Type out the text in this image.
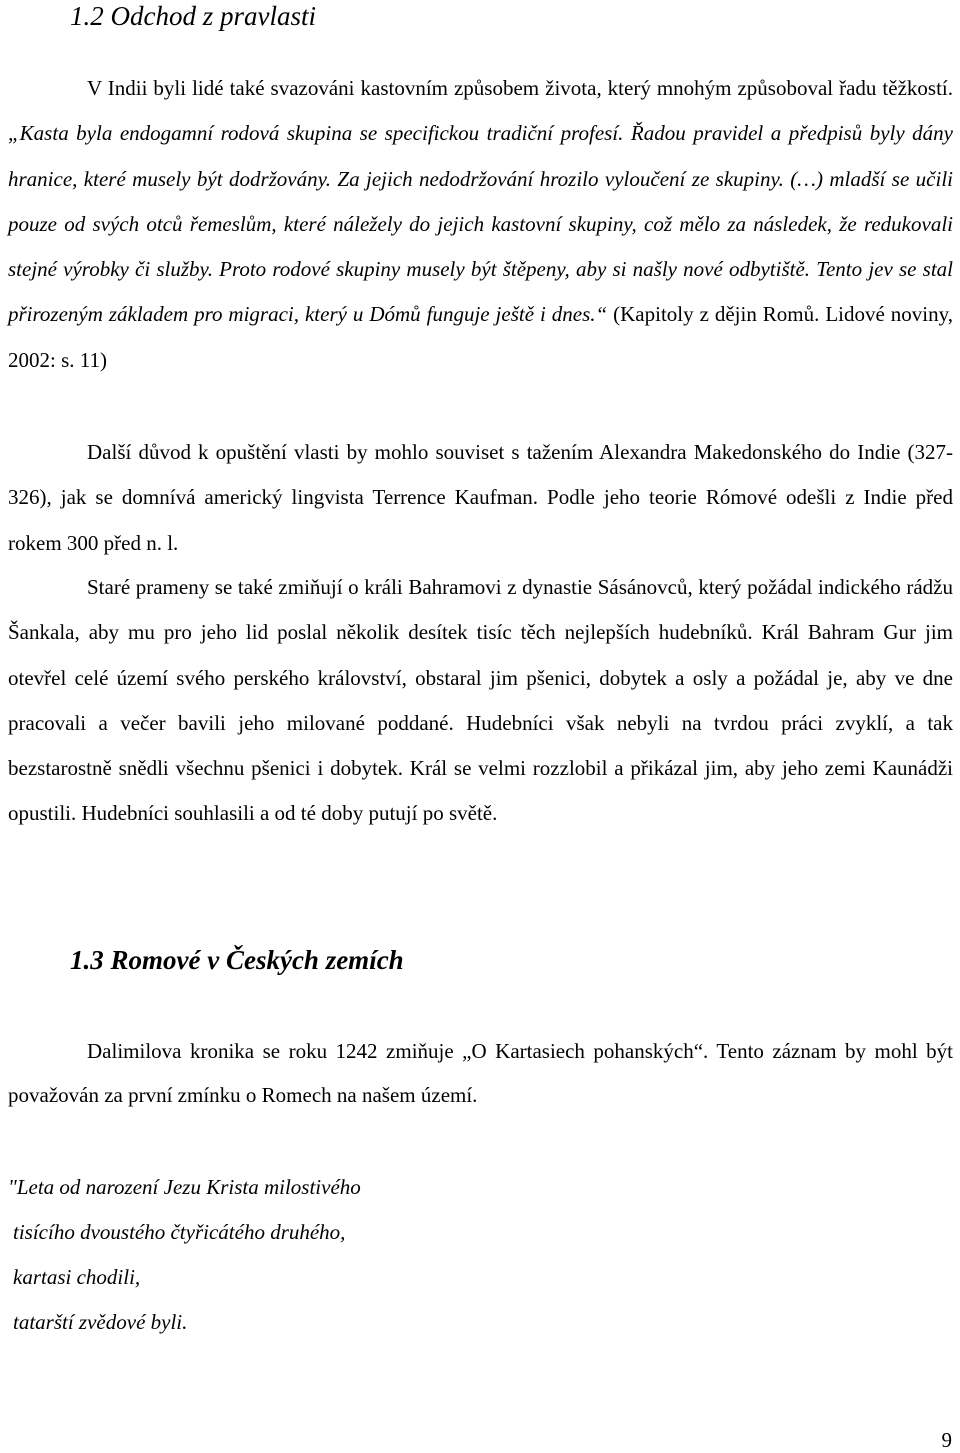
1.2 Odchod z pravlasti

V Indii byli lidé také svazováni kastovním způsobem života, který mnohým způsoboval řadu těžkostí. „Kasta byla endogamní rodová skupina se specifickou tradiční profesí. Řadou pravidel a předpisů byly dány hranice, které musely být dodržovány. Za jejich nedodržování hrozilo vyloučení ze skupiny. (…) mladší se učili pouze od svých otců řemeslům, které náležely do jejich kastovní skupiny, což mělo za následek, že redukovali stejné výrobky či služby. Proto rodové skupiny musely být štěpeny, aby si našly nové odbytiště. Tento jev se stal přirozeným základem pro migraci, který u Dómů funguje ještě i dnes.“ (Kapitoly z dějin Romů. Lidové noviny, 2002: s. 11)

Další důvod k opuštění vlasti by mohlo souviset s tažením Alexandra Makedonského do Indie (327-326), jak se domnívá americký lingvista Terrence Kaufman. Podle jeho teorie Rómové odešli z Indie před rokem 300 před n. l.

Staré prameny se také zmiňují o králi Bahramovi z dynastie Sásánovců, který požádal indického rádžu Šankala, aby mu pro jeho lid poslal několik desítek tisíc těch nejlepších hudebníků. Král Bahram Gur jim otevřel celé území svého perského království, obstaral jim pšenici, dobytek a osly a požádal je, aby ve dne pracovali a večer bavili jeho milované poddané. Hudebníci však nebyli na tvrdou práci zvyklí, a tak bezstarostně snědli všechnu pšenici i dobytek. Král se velmi rozzlobil a přikázal jim, aby jeho zemi Kaunádži opustili. Hudebníci souhlasili a od té doby putují po světě.

1.3 Romové v Českých zemích

Dalimilova kronika se roku 1242 zmiňuje „O Kartasiech pohanských“. Tento záznam by mohl být považován za první zmínku o Romech na našem území.

"Leta od narození Jezu Krista milostivého
tisícího dvoustého čtyřicátého druhého,
kartasi chodili,
tatarští zvědové byli.
9
